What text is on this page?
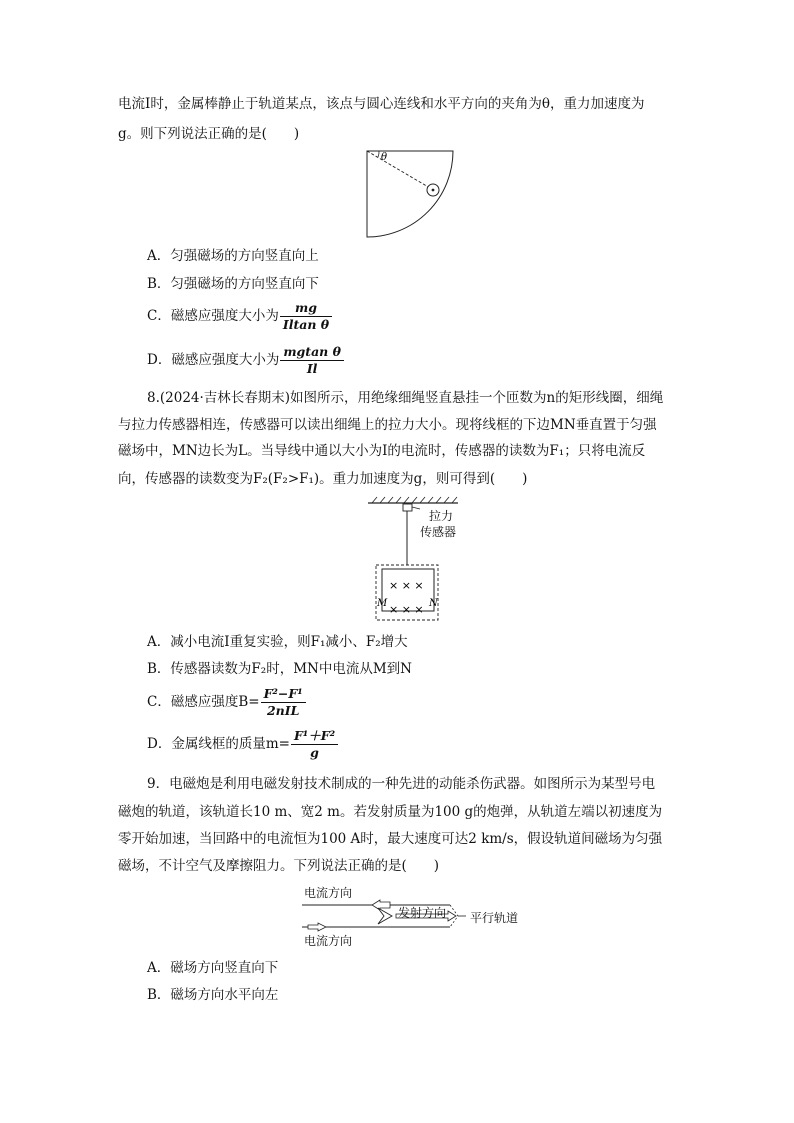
电流I时，金属棒静止于轨道某点，该点与圆心连线和水平方向的夹角为θ，重力加速度为
g。则下列说法正确的是(　　)
θ
A．匀强磁场的方向竖直向上
B．匀强磁场的方向竖直向下
C．磁感应强度大小为 $\frac{mg}{\text{Iltan θ}}$
D．磁感应强度大小为 $\frac{\text{mgtan θ}}{Il}$
8.(2024·吉林长春期末)如图所示，用绝缘细绳竖直悬挂一个匝数为n的矩形线圈，细绳
与拉力传感器相连，传感器可以读出细绳上的拉力大小。现将线框的下边MN垂直置于匀强
磁场中，MN边长为L。当导线中通以大小为I的电流时，传感器的读数为F₁；只将电流反
向，传感器的读数变为F₂(F₂>F₁)。重力加速度为g，则可得到(　　)
× × ×
× × ×
M	N
拉力
传感器
A．减小电流I重复实验，则F₁减小、F₂增大
B．传感器读数为F₂时，MN中电流从M到N
C．磁感应强度$B= \frac{\text{F²−F¹}}{\text{2nIL}}$
D．金属线框的质量$m= \frac{\text{F¹＋F²}}{g}$
9．电磁炮是利用电磁发射技术制成的一种先进的动能杀伤武器。如图所示为某型号电
磁炮的轨道，该轨道长10 m、宽2 m。若发射质量为100 g的炮弹，从轨道左端以初速度为
零开始加速，当回路中的电流恒为100 A时，最大速度可达2 km/s，假设轨道间磁场为匀强
磁场，不计空气及摩擦阻力。下列说法正确的是(　　)
电流方向
电流方向
发射方向 平行轨道
A．磁场方向竖直向下
B．磁场方向水平向左
